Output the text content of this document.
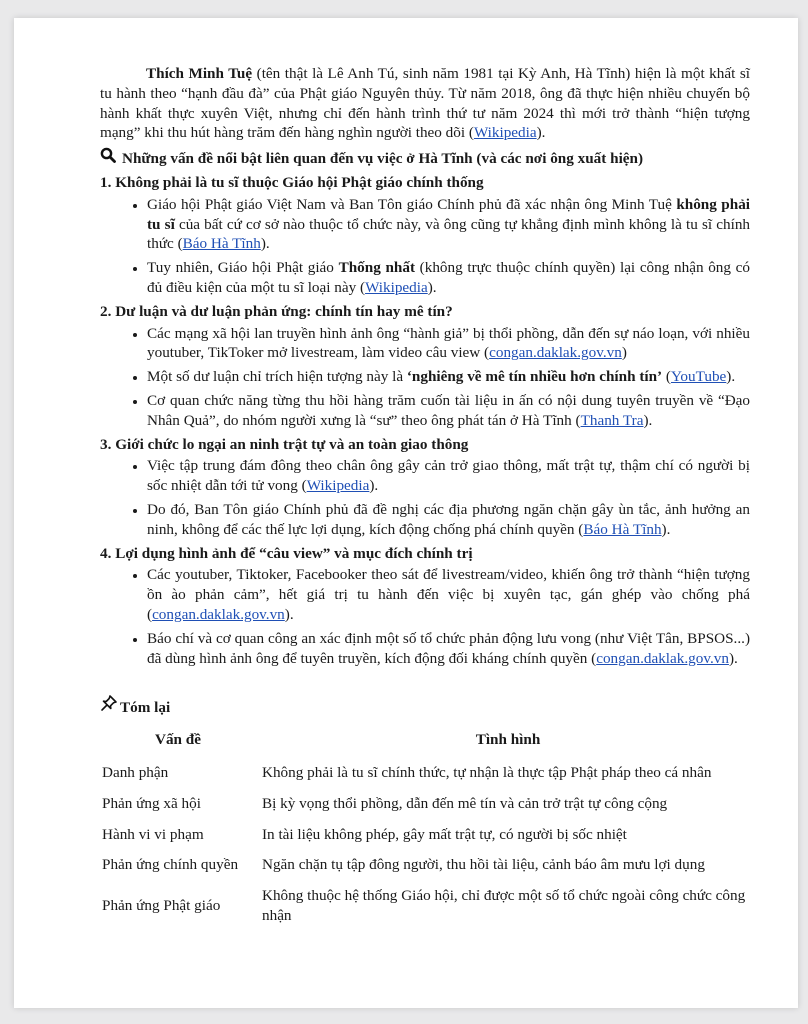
Thích Minh Tuệ (tên thật là Lê Anh Tú, sinh năm 1981 tại Kỳ Anh, Hà Tĩnh) hiện là một khất sĩ tu hành theo “hạnh đầu đà” của Phật giáo Nguyên thủy. Từ năm 2018, ông đã thực hiện nhiều chuyến bộ hành khất thực xuyên Việt, nhưng chỉ đến hành trình thứ tư năm 2024 thì mới trở thành “hiện tượng mạng” khi thu hút hàng trăm đến hàng nghìn người theo dõi (Wikipedia).

Những vấn đề nổi bật liên quan đến vụ việc ở Hà Tĩnh (và các nơi ông xuất hiện)

1. Không phải là tu sĩ thuộc Giáo hội Phật giáo chính thống

• Giáo hội Phật giáo Việt Nam và Ban Tôn giáo Chính phủ đã xác nhận ông Minh Tuệ không phải tu sĩ của bất cứ cơ sở nào thuộc tổ chức này, và ông cũng tự khẳng định mình không là tu sĩ chính thức (Báo Hà Tĩnh).
• Tuy nhiên, Giáo hội Phật giáo Thống nhất (không trực thuộc chính quyền) lại công nhận ông có đủ điều kiện của một tu sĩ loại này (Wikipedia).

2. Dư luận và dư luận phản ứng: chính tín hay mê tín?

• Các mạng xã hội lan truyền hình ảnh ông “hành giả” bị thổi phồng, dẫn đến sự náo loạn, với nhiều youtuber, TikToker mở livestream, làm video câu view (congan.daklak.gov.vn)
• Một số dư luận chỉ trích hiện tượng này là ‘nghiêng về mê tín nhiều hơn chính tín’ (YouTube).
• Cơ quan chức năng từng thu hồi hàng trăm cuốn tài liệu in ấn có nội dung tuyên truyền về “Đạo Nhân Quả”, do nhóm người xưng là “sư” theo ông phát tán ở Hà Tĩnh (Thanh Tra).

3. Giới chức lo ngại an ninh trật tự và an toàn giao thông

• Việc tập trung đám đông theo chân ông gây cản trở giao thông, mất trật tự, thậm chí có người bị sốc nhiệt dẫn tới tử vong (Wikipedia).
• Do đó, Ban Tôn giáo Chính phủ đã đề nghị các địa phương ngăn chặn gây ùn tắc, ảnh hưởng an ninh, không để các thế lực lợi dụng, kích động chống phá chính quyền (Báo Hà Tĩnh).

4. Lợi dụng hình ảnh để “câu view” và mục đích chính trị

• Các youtuber, Tiktoker, Facebooker theo sát để livestream/video, khiến ông trở thành “hiện tượng ồn ào phản cảm”, hết giá trị tu hành đến việc bị xuyên tạc, gán ghép vào chống phá (congan.daklak.gov.vn).
• Báo chí và cơ quan công an xác định một số tổ chức phản động lưu vong (như Việt Tân, BPSOS...) đã dùng hình ảnh ông để tuyên truyền, kích động đối kháng chính quyền (congan.daklak.gov.vn).

Tóm lại

Vấn đề	Tình hình
Danh phận	Không phải là tu sĩ chính thức, tự nhận là thực tập Phật pháp theo cá nhân
Phản ứng xã hội	Bị kỳ vọng thổi phồng, dẫn đến mê tín và cản trở trật tự công cộng
Hành vi vi phạm	In tài liệu không phép, gây mất trật tự, có người bị sốc nhiệt
Phản ứng chính quyền	Ngăn chặn tụ tập đông người, thu hồi tài liệu, cảnh báo âm mưu lợi dụng
Phản ứng Phật giáo	Không thuộc hệ thống Giáo hội, chỉ được một số tổ chức ngoài công chức công nhận
